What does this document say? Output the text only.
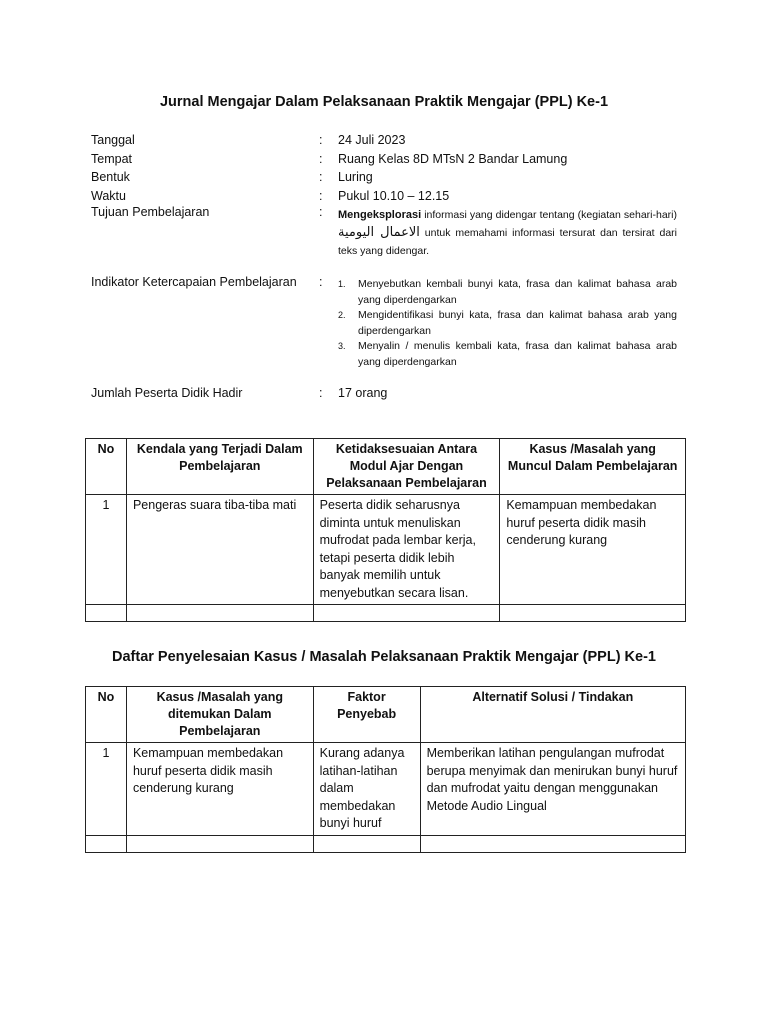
Jurnal Mengajar Dalam Pelaksanaan Praktik Mengajar (PPL) Ke-1
Tanggal	: 24 Juli 2023
Tempat	: Ruang Kelas 8D MTsN 2 Bandar Lamung
Bentuk	: Luring
Waktu	: Pukul 10.10 – 12.15
Tujuan Pembelajaran	: Mengeksplorasi informasi yang didengar tentang (kegiatan sehari-hari) الاعمال اليومية untuk memahami informasi tersurat dan tersirat dari teks yang didengar.
Indikator Ketercapaian Pembelajaran : 1. Menyebutkan kembali bunyi kata, frasa dan kalimat bahasa arab yang diperdengarkan
2. Mengidentifikasi bunyi kata, frasa dan kalimat bahasa arab yang diperdengarkan
3. Menyalin / menulis kembali kata, frasa dan kalimat bahasa arab yang diperdengarkan
Jumlah Peserta Didik Hadir	: 17 orang
No	Kendala yang Terjadi Dalam Pembelajaran	Ketidaksesuaian Antara Modul Ajar Dengan Pelaksanaan Pembelajaran	Kasus /Masalah yang Muncul Dalam Pembelajaran
1	Pengeras suara tiba-tiba mati	Peserta didik seharusnya diminta untuk menuliskan mufrodat pada lembar kerja, tetapi peserta didik lebih banyak memilih untuk menyebutkan secara lisan.	Kemampuan membedakan huruf peserta didik masih cenderung kurang

Daftar Penyelesaian Kasus / Masalah Pelaksanaan Praktik Mengajar (PPL) Ke-1
No	Kasus /Masalah yang ditemukan Dalam Pembelajaran	Faktor Penyebab	Alternatif Solusi / Tindakan
1	Kemampuan membedakan huruf peserta didik masih cenderung kurang	Kurang adanya latihan-latihan dalam membedakan bunyi huruf	Memberikan latihan pengulangan mufrodat berupa menyimak dan menirukan bunyi huruf dan mufrodat yaitu dengan menggunakan Metode Audio Lingual
